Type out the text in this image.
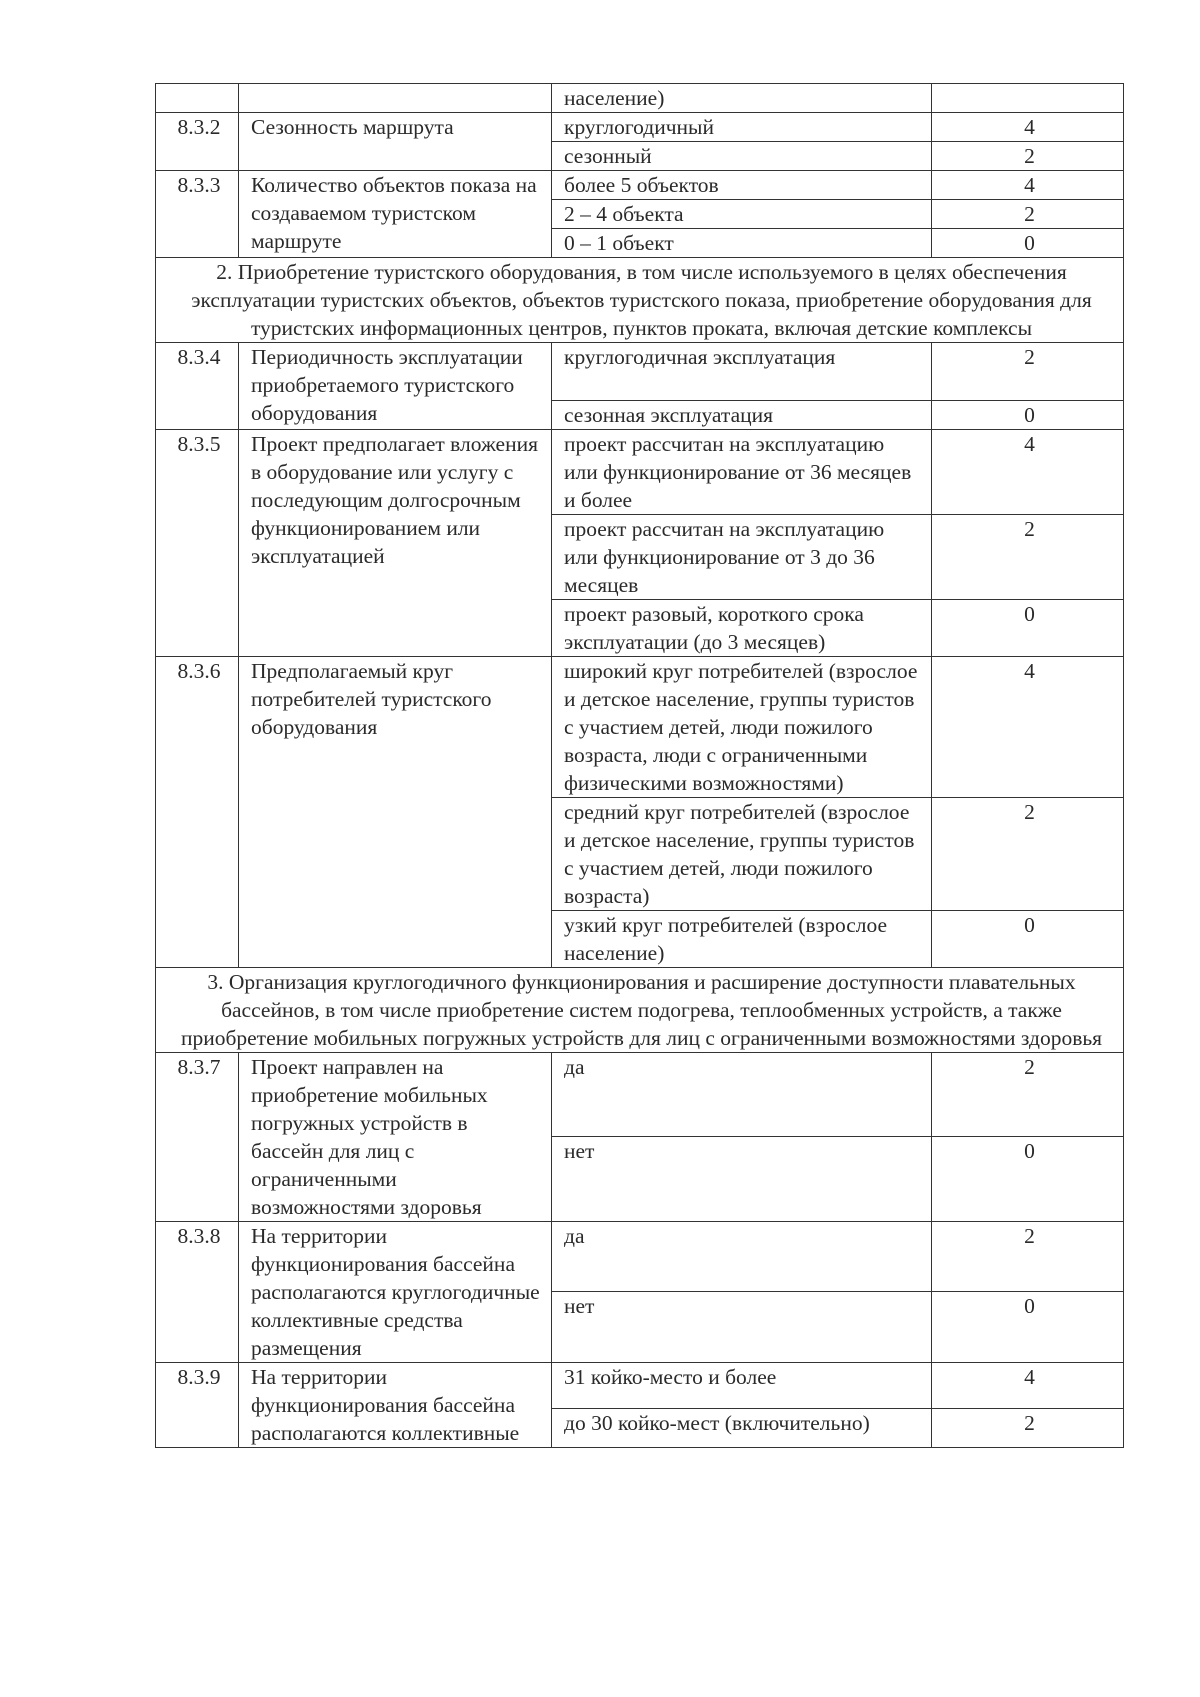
		население)	
8.3.2	Сезонность маршрута	круглогодичный	4
		сезонный	2
8.3.3	Количество объектов показа на создаваемом туристском маршруте	более 5 объектов	4
		2 – 4 объекта	2
		0 – 1 объект	0
2. Приобретение туристского оборудования, в том числе используемого в целях обеспечения эксплуатации туристских объектов, объектов туристского показа, приобретение оборудования для туристских информационных центров, пунктов проката, включая детские комплексы			
8.3.4	Периодичность эксплуатации приобретаемого туристского оборудования	круглогодичная эксплуатация	2
		сезонная эксплуатация	0
8.3.5	Проект предполагает вложения в оборудование или услугу с последующим долгосрочным функционированием или эксплуатацией	проект рассчитан на эксплуатацию или функционирование от 36 месяцев и более	4
		проект рассчитан на эксплуатацию или функционирование от 3 до 36 месяцев	2
		проект разовый, короткого срока эксплуатации (до 3 месяцев)	0
8.3.6	Предполагаемый круг потребителей туристского оборудования	широкий круг потребителей (взрослое и детское население, группы туристов с участием детей, люди пожилого возраста, люди с ограниченными физическими возможностями)	4
		средний круг потребителей (взрослое и детское население, группы туристов с участием детей, люди пожилого возраста)	2
		узкий круг потребителей (взрослое население)	0
3. Организация круглогодичного функционирования и расширение доступности плавательных бассейнов, в том числе приобретение систем подогрева, теплообменных устройств, а также приобретение мобильных погружных устройств для лиц с ограниченными возможностями здоровья			
8.3.7	Проект направлен на приобретение мобильных погружных устройств в бассейн для лиц с ограниченными возможностями здоровья	да	2
		нет	0
8.3.8	На территории функционирования бассейна располагаются круглогодичные коллективные средства размещения	да	2
		нет	0
8.3.9	На территории функционирования бассейна располагаются коллективные	31 койко-место и более	4
		до 30 койко-мест (включительно)	2
